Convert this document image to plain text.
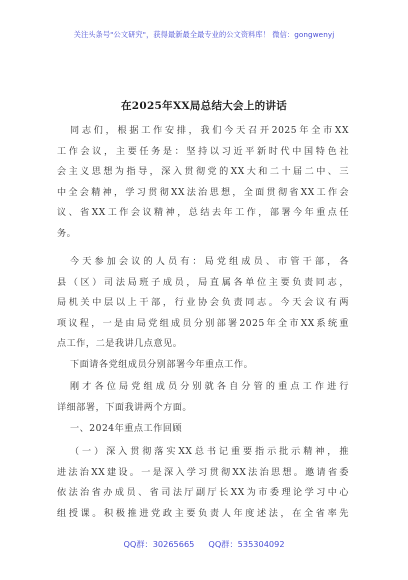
关注头条号"公文研究"，获得最新最全最专业的公文资料库！ 微信：gongwenyj
在2025年XX局总结大会上的讲话
同志们，根据工作安排，我们今天召开2025年全市XX
工作会议，主要任务是：坚持以习近平新时代中国特色社
会主义思想为指导，深入贯彻党的XX大和二十届二中、三
中全会精神，学习贯彻XX法治思想，全面贯彻省XX工作会
议、省XX工作会议精神，总结去年工作，部署今年重点任
务。
今天参加会议的人员有：局党组成员、市管干部，各
县（区）司法局班子成员，局直属各单位主要负责同志，
局机关中层以上干部，行业协会负责同志。今天会议有两
项议程，一是由局党组成员分别部署2025年全市XX系统重
点工作，二是我讲几点意见。
下面请各党组成员分别部署今年重点工作。
刚才各位局党组成员分别就各自分管的重点工作进行
详细部署，下面我讲两个方面。
一、2024年重点工作回顾
（一）深入贯彻落实XX总书记重要指示批示精神，推
进法治XX建设。一是深入学习贯彻XX法治思想。邀请省委
依法治省办成员、省司法厅副厅长XX为市委理论学习中心
组授课。积极推进党政主要负责人年度述法，在全省率先
QQ群：30265665 QQ群：535304092
